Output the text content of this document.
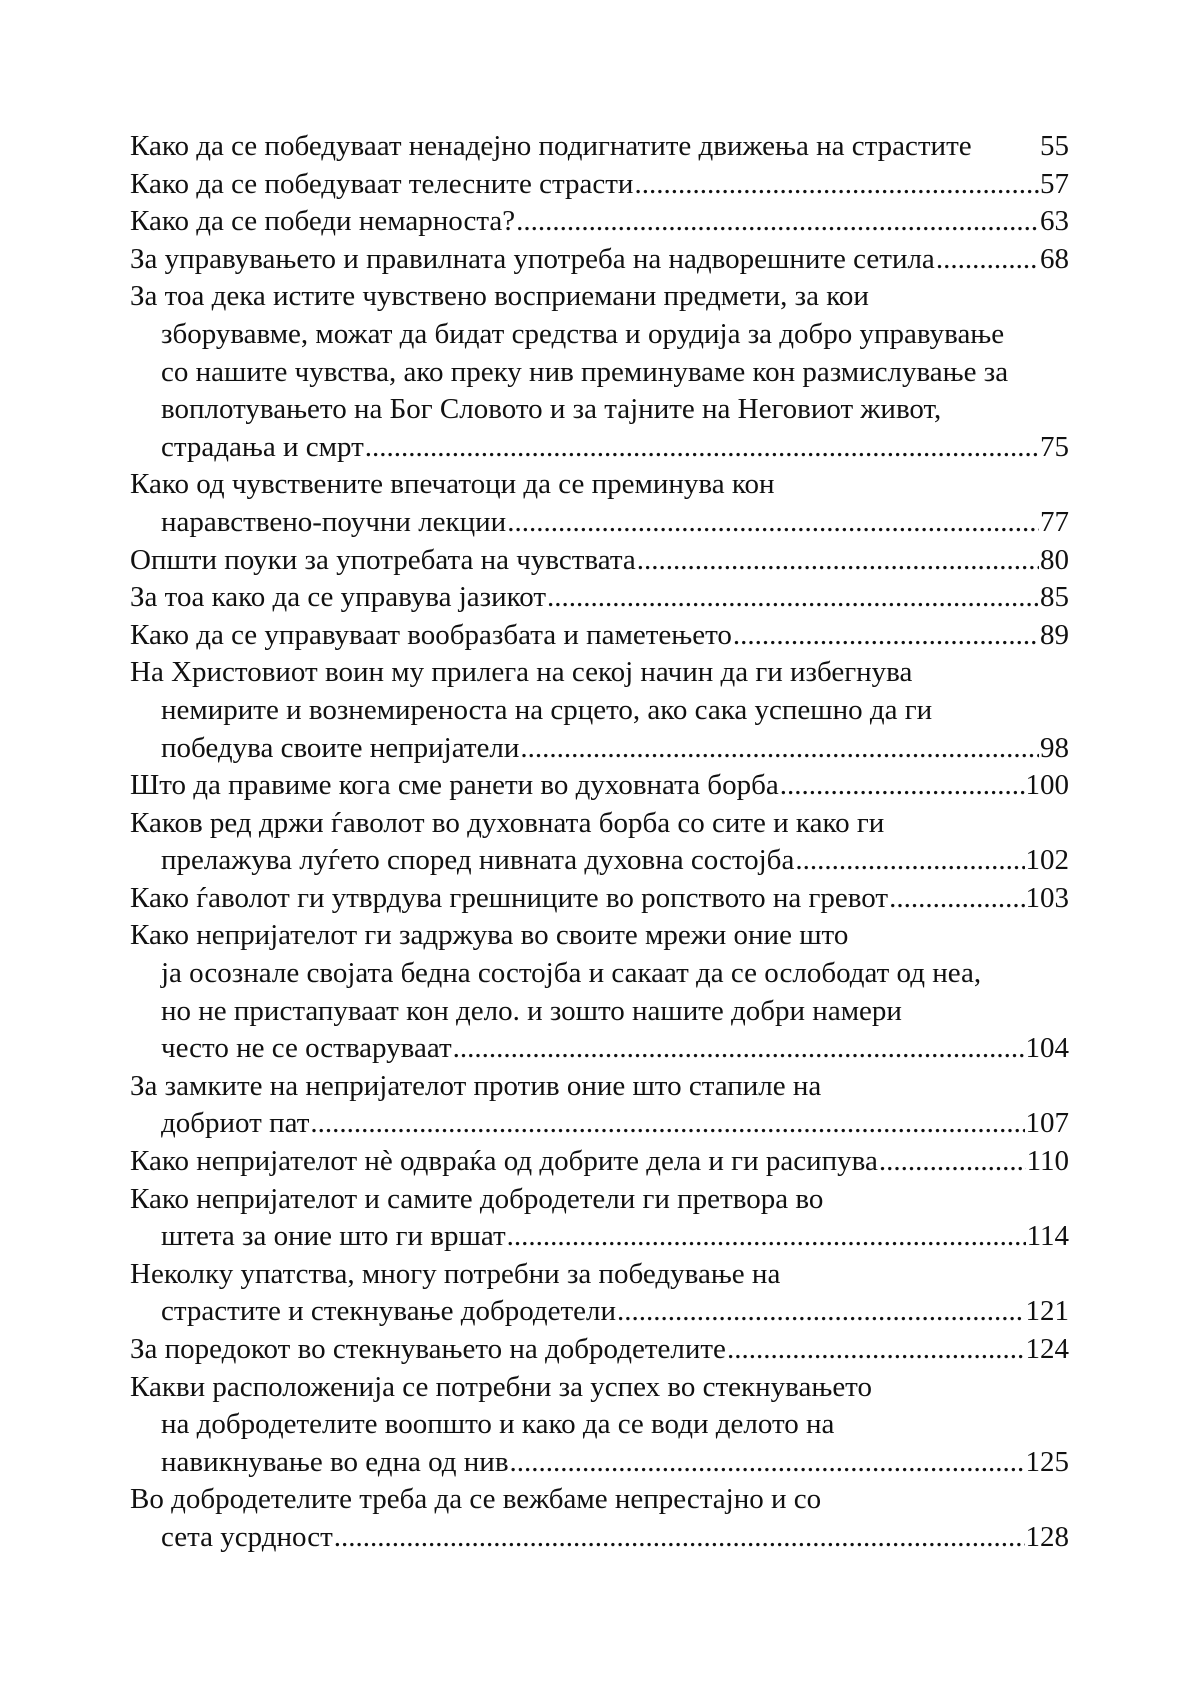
Како да се победуваат ненадејно подигнатите движења на страстите 55
Како да се победуваат телесните страсти .....	57
Како да се победи немарноста? .....	63
За управувањето и правилната употреба на надворешните сетила .....	68
За тоа дека истите чувствено восприемани предмети, за кои
зборувавме, можат да бидат средства и орудија за добро управување
со нашите чувства, ако преку нив преминуваме кон размислување за
воплотувањето на Бог Словото и за тајните на Неговиот живот,
страдања и смрт .....	75
Како од чувствените впечатоци да се преминува кон
наравствено-поучни лекции .....	77
Општи поуки за употребата на чувствата .....	80
За тоа како да се управува јазикот .....	85
Како да се управуваат вообразбата и паметењето .....	89
На Христовиот воин му прилега на секој начин да ги избегнува
немирите и вознемиреноста на срцето, ако сака успешно да ги
победува своите непријатели .....	98
Што да правиме кога сме ранети во духовната борба .....	100
Каков ред држи ѓаволот во духовната борба со сите и како ги
прелажува луѓето според нивната духовна состојба .....	102
Како ѓаволот ги утврдува грешниците во ропството на гревот .....	103
Како непријателот ги задржува во своите мрежи оние што
ја осознале својата бедна состојба и сакаат да се ослободат од неа,
но не пристапуваат кон дело. и зошто нашите добри намери
често не се остваруваат .....	104
За замките на непријателот против оние што стапиле на
добриот пат .....	107
Како непријателот нѐ одвраќа од добрите дела и ги расипува .....	110
Како непријателот и самите добродетели ги претвора во
штета за оние што ги вршат .....	114
Неколку упатства, многу потребни за победување на
страстите и стекнување добродетели .....	121
За поредокот во стекнувањето на добродетелите .....	124
Какви расположенија се потребни за успех во стекнувањето
на добродетелите воопшто и како да се води делото на
навикнување во една од нив .....	125
Во добродетелите треба да се вежбаме непрестајно и со
сета усрдност .....	128
